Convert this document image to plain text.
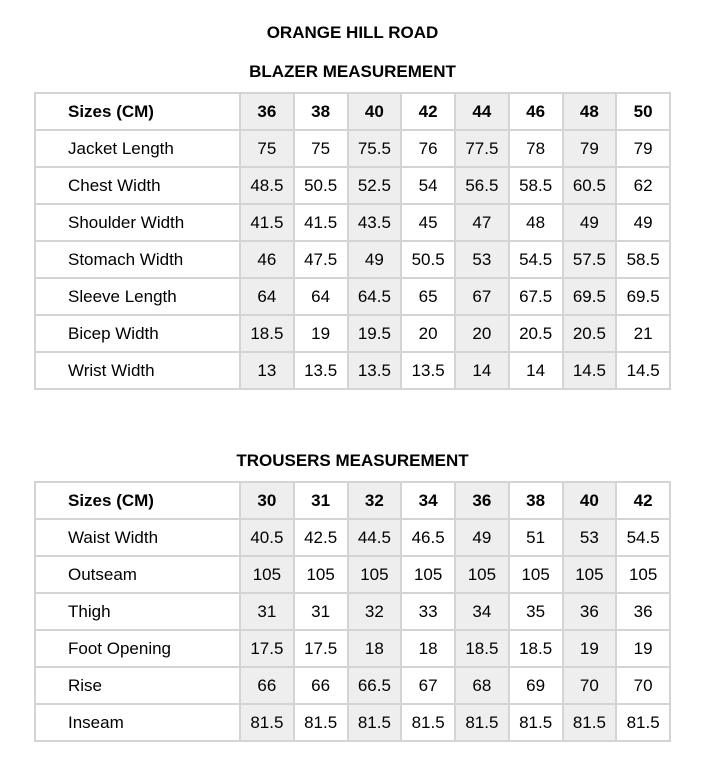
ORANGE HILL ROAD
BLAZER MEASUREMENT
Sizes (CM)	36	38	40	42	44	46	48	50
Jacket Length	75	75	75.5	76	77.5	78	79	79
Chest Width	48.5	50.5	52.5	54	56.5	58.5	60.5	62
Shoulder Width	41.5	41.5	43.5	45	47	48	49	49
Stomach Width	46	47.5	49	50.5	53	54.5	57.5	58.5
Sleeve Length	64	64	64.5	65	67	67.5	69.5	69.5
Bicep Width	18.5	19	19.5	20	20	20.5	20.5	21
Wrist Width	13	13.5	13.5	13.5	14	14	14.5	14.5
TROUSERS MEASUREMENT
Sizes (CM)	30	31	32	34	36	38	40	42
Waist Width	40.5	42.5	44.5	46.5	49	51	53	54.5
Outseam	105	105	105	105	105	105	105	105
Thigh	31	31	32	33	34	35	36	36
Foot Opening	17.5	17.5	18	18	18.5	18.5	19	19
Rise	66	66	66.5	67	68	69	70	70
Inseam	81.5	81.5	81.5	81.5	81.5	81.5	81.5	81.5
